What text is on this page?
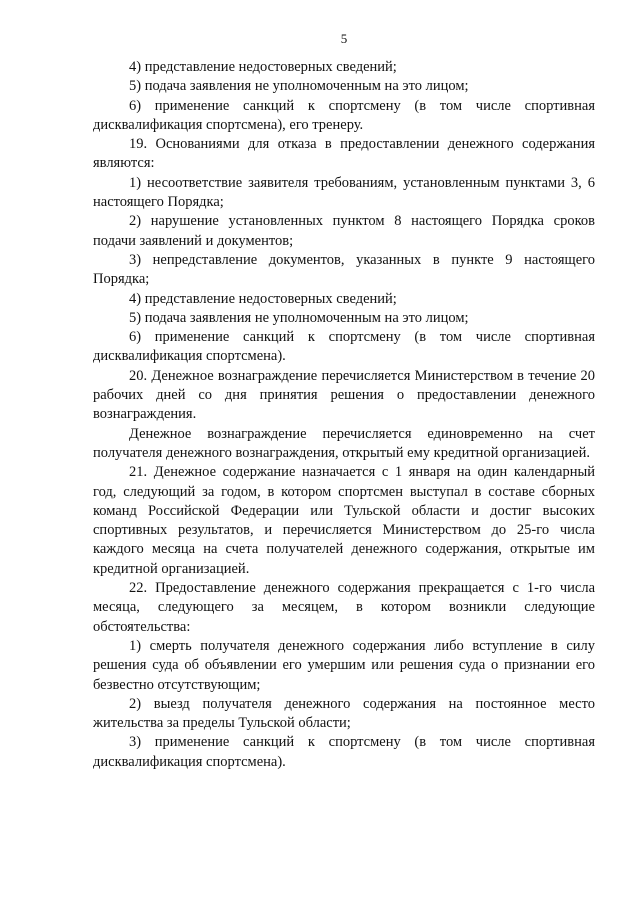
5

4) представление недостоверных сведений;

5) подача заявления не уполномоченным на это лицом;

6) применение санкций к спортсмену (в том числе спортивная дисквалификация спортсмена), его тренеру.

19. Основаниями для отказа в предоставлении денежного содержания являются:

1) несоответствие заявителя требованиям, установленным пунктами 3, 6 настоящего Порядка;

2) нарушение установленных пунктом 8 настоящего Порядка сроков подачи заявлений и документов;

3) непредставление документов, указанных в пункте 9 настоящего Порядка;

4) представление недостоверных сведений;

5) подача заявления не уполномоченным на это лицом;

6) применение санкций к спортсмену (в том числе спортивная дисквалификация спортсмена).

20. Денежное вознаграждение перечисляется Министерством в течение 20 рабочих дней со дня принятия решения о предоставлении денежного вознаграждения.

Денежное вознаграждение перечисляется единовременно на счет получателя денежного вознаграждения, открытый ему кредитной организацией.

21. Денежное содержание назначается с 1 января на один календарный год, следующий за годом, в котором спортсмен выступал в составе сборных команд Российской Федерации или Тульской области и достиг высоких спортивных результатов, и перечисляется Министерством до 25-го числа каждого месяца на счета получателей денежного содержания, открытые им кредитной организацией.

22. Предоставление денежного содержания прекращается с 1-го числа месяца, следующего за месяцем, в котором возникли следующие обстоятельства:

1) смерть получателя денежного содержания либо вступление в силу решения суда об объявлении его умершим или решения суда о признании его безвестно отсутствующим;

2) выезд получателя денежного содержания на постоянное место жительства за пределы Тульской области;

3) применение санкций к спортсмену (в том числе спортивная дисквалификация спортсмена).
